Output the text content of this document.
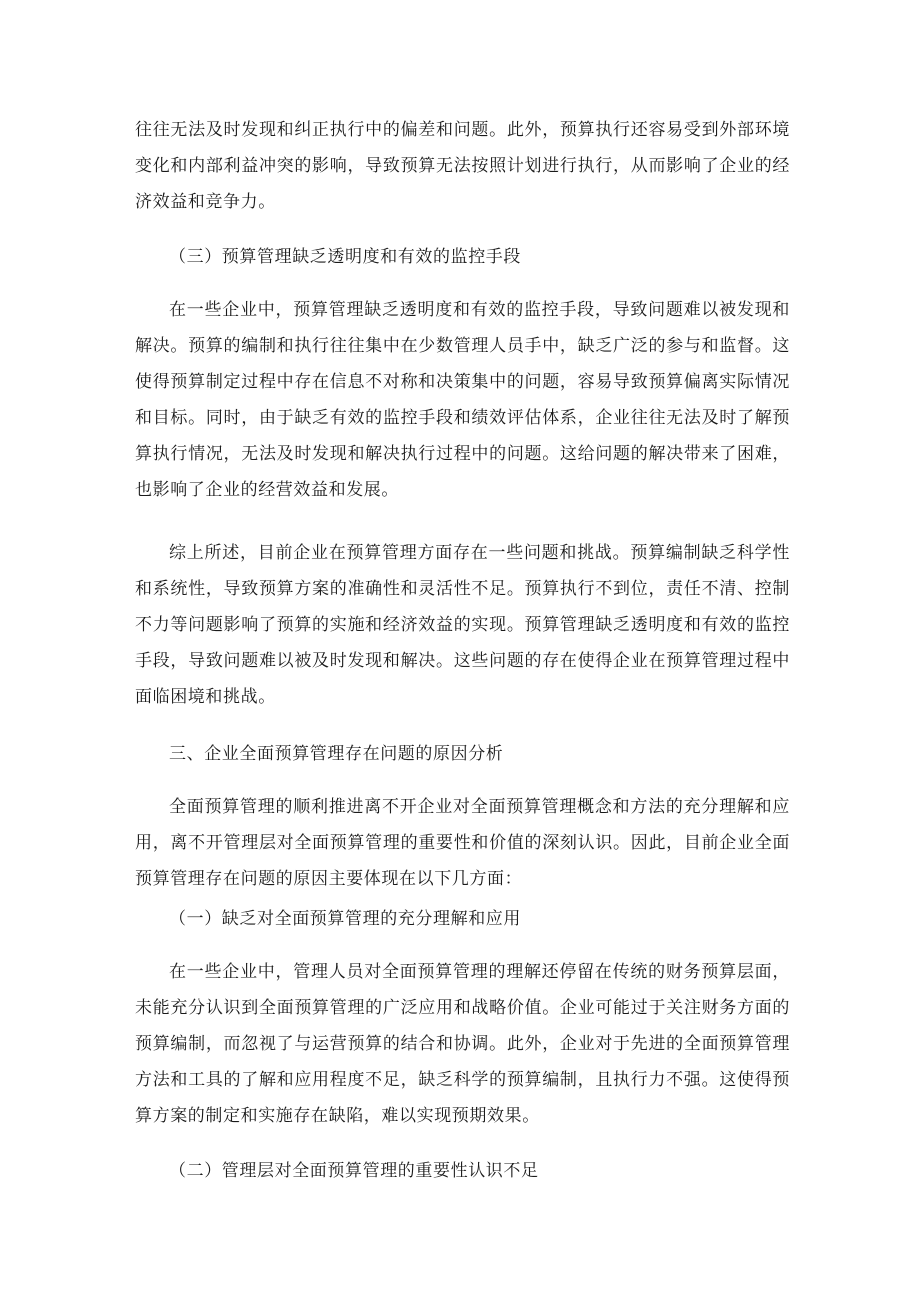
往往无法及时发现和纠正执行中的偏差和问题。此外，预算执行还容易受到外部环境变化和内部利益冲突的影响，导致预算无法按照计划进行执行，从而影响了企业的经济效益和竞争力。

（三）预算管理缺乏透明度和有效的监控手段

在一些企业中，预算管理缺乏透明度和有效的监控手段，导致问题难以被发现和解决。预算的编制和执行往往集中在少数管理人员手中，缺乏广泛的参与和监督。这使得预算制定过程中存在信息不对称和决策集中的问题，容易导致预算偏离实际情况和目标。同时，由于缺乏有效的监控手段和绩效评估体系，企业往往无法及时了解预算执行情况，无法及时发现和解决执行过程中的问题。这给问题的解决带来了困难，也影响了企业的经营效益和发展。

综上所述，目前企业在预算管理方面存在一些问题和挑战。预算编制缺乏科学性和系统性，导致预算方案的准确性和灵活性不足。预算执行不到位，责任不清、控制不力等问题影响了预算的实施和经济效益的实现。预算管理缺乏透明度和有效的监控手段，导致问题难以被及时发现和解决。这些问题的存在使得企业在预算管理过程中面临困境和挑战。

三、企业全面预算管理存在问题的原因分析

全面预算管理的顺利推进离不开企业对全面预算管理概念和方法的充分理解和应用，离不开管理层对全面预算管理的重要性和价值的深刻认识。因此，目前企业全面预算管理存在问题的原因主要体现在以下几方面：

（一）缺乏对全面预算管理的充分理解和应用

在一些企业中，管理人员对全面预算管理的理解还停留在传统的财务预算层面，未能充分认识到全面预算管理的广泛应用和战略价值。企业可能过于关注财务方面的预算编制，而忽视了与运营预算的结合和协调。此外，企业对于先进的全面预算管理方法和工具的了解和应用程度不足，缺乏科学的预算编制，且执行力不强。这使得预算方案的制定和实施存在缺陷，难以实现预期效果。

（二）管理层对全面预算管理的重要性认识不足
